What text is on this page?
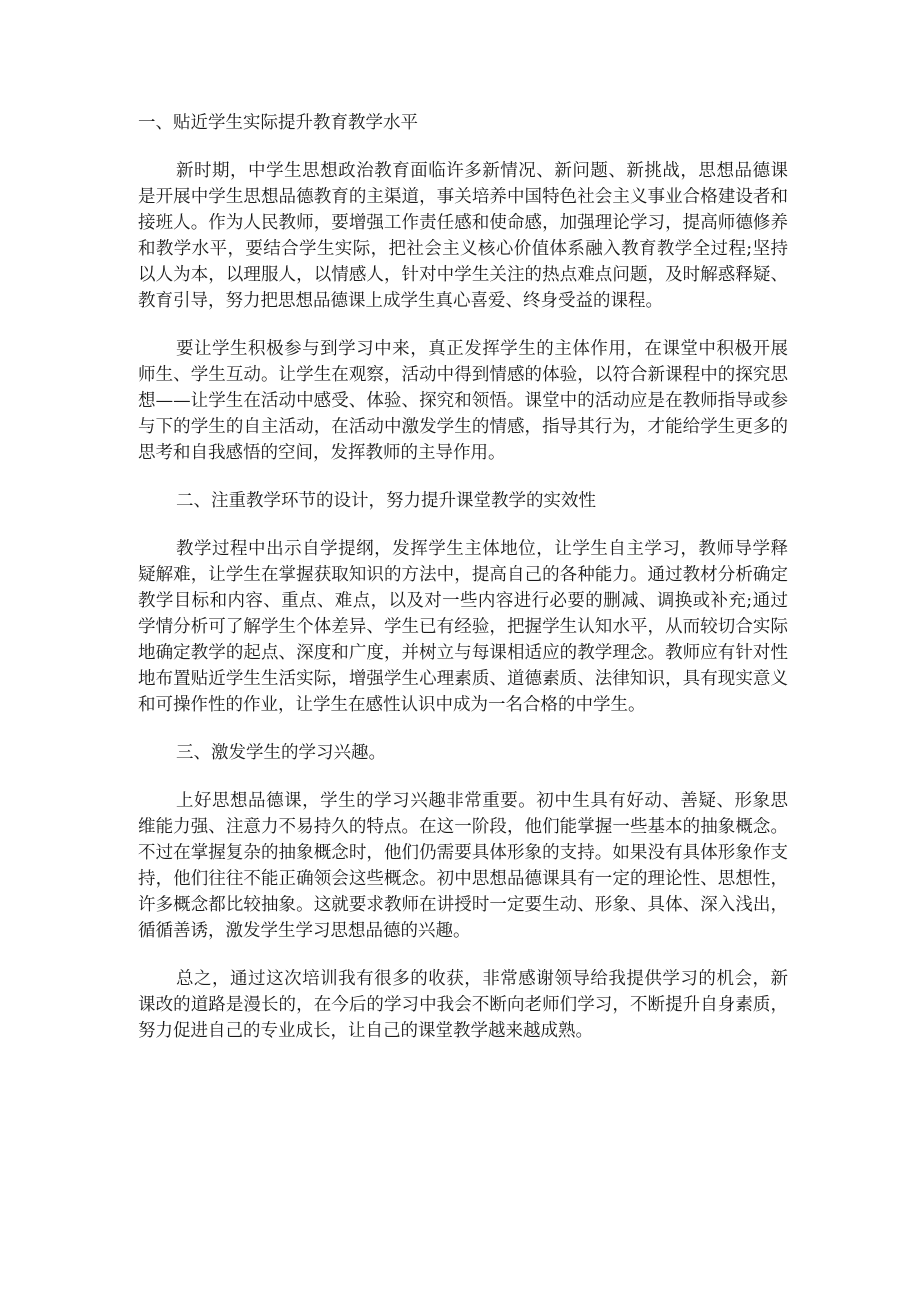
一、贴近学生实际提升教育教学水平

新时期，中学生思想政治教育面临许多新情况、新问题、新挑战，思想品德课是开展中学生思想品德教育的主渠道，事关培养中国特色社会主义事业合格建设者和接班人。作为人民教师，要增强工作责任感和使命感，加强理论学习，提高师德修养和教学水平，要结合学生实际，把社会主义核心价值体系融入教育教学全过程;坚持以人为本，以理服人，以情感人，针对中学生关注的热点难点问题，及时解惑释疑、教育引导，努力把思想品德课上成学生真心喜爱、终身受益的课程。

要让学生积极参与到学习中来，真正发挥学生的主体作用，在课堂中积极开展师生、学生互动。让学生在观察，活动中得到情感的体验，以符合新课程中的探究思想——让学生在活动中感受、体验、探究和领悟。课堂中的活动应是在教师指导或参与下的学生的自主活动，在活动中激发学生的情感，指导其行为，才能给学生更多的思考和自我感悟的空间，发挥教师的主导作用。

二、注重教学环节的设计，努力提升课堂教学的实效性

教学过程中出示自学提纲，发挥学生主体地位，让学生自主学习，教师导学释疑解难，让学生在掌握获取知识的方法中，提高自己的各种能力。通过教材分析确定教学目标和内容、重点、难点，以及对一些内容进行必要的删减、调换或补充;通过学情分析可了解学生个体差异、学生已有经验，把握学生认知水平，从而较切合实际地确定教学的起点、深度和广度，并树立与每课相适应的教学理念。教师应有针对性地布置贴近学生生活实际，增强学生心理素质、道德素质、法律知识，具有现实意义和可操作性的作业，让学生在感性认识中成为一名合格的中学生。

三、激发学生的学习兴趣。

上好思想品德课，学生的学习兴趣非常重要。初中生具有好动、善疑、形象思维能力强、注意力不易持久的特点。在这一阶段，他们能掌握一些基本的抽象概念。不过在掌握复杂的抽象概念时，他们仍需要具体形象的支持。如果没有具体形象作支持，他们往往不能正确领会这些概念。初中思想品德课具有一定的理论性、思想性，许多概念都比较抽象。这就要求教师在讲授时一定要生动、形象、具体、深入浅出，循循善诱，激发学生学习思想品德的兴趣。

总之，通过这次培训我有很多的收获，非常感谢领导给我提供学习的机会，新课改的道路是漫长的，在今后的学习中我会不断向老师们学习，不断提升自身素质，努力促进自己的专业成长，让自己的课堂教学越来越成熟。
